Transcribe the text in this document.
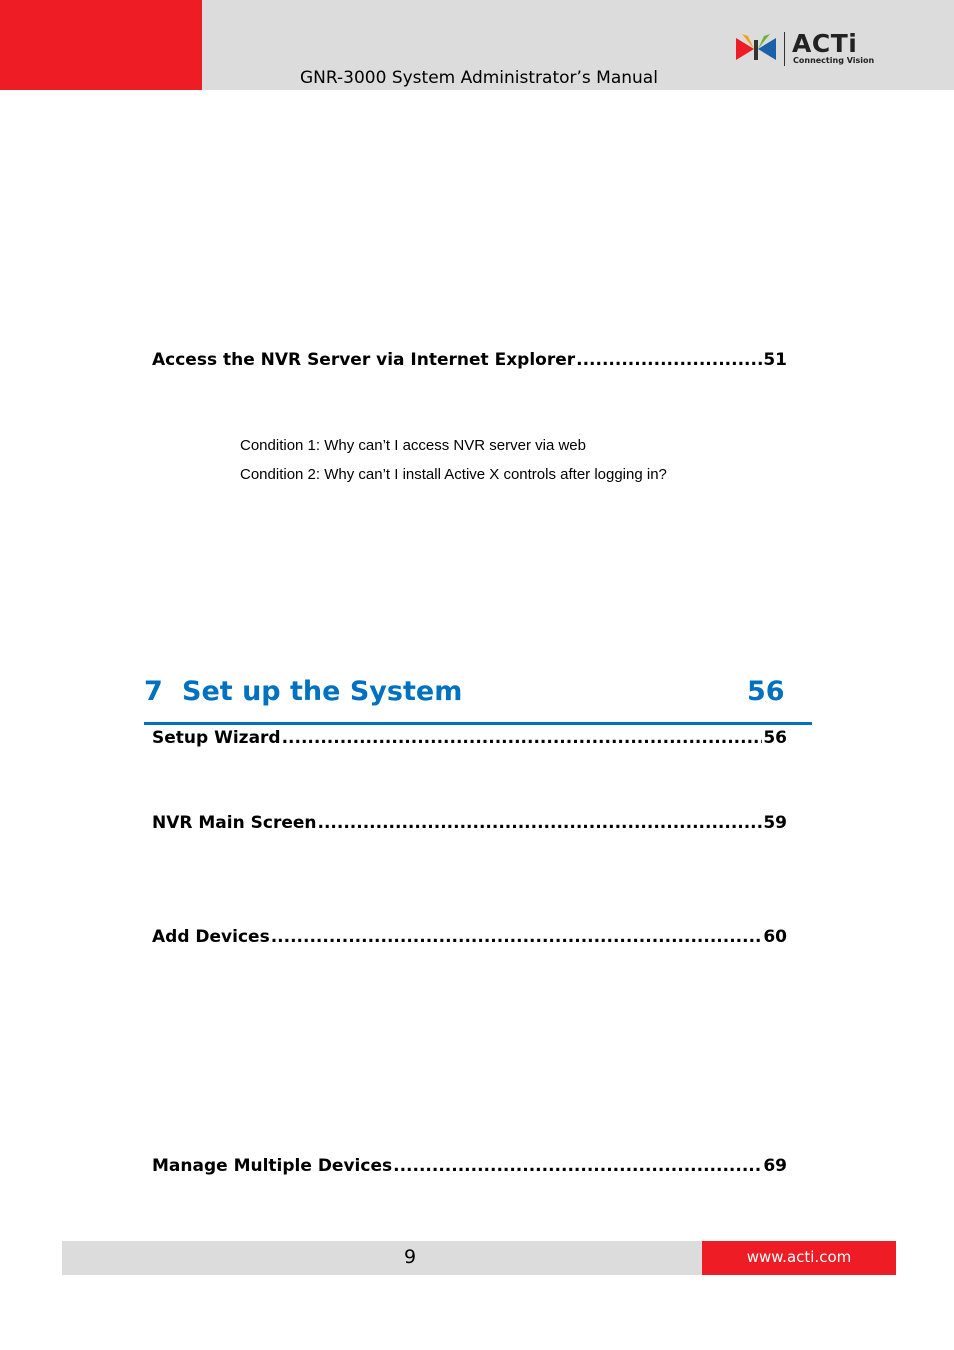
GNR-3000 System Administrator’s Manual
ACTi
Connecting Vision
Access the NVR Server via Internet Explorer .....	51
Condition 1: Why can’t I access NVR server via web
Condition 2: Why can’t I install Active X controls after logging in?
7 Set up the System	56
Setup Wizard .....	56
NVR Main Screen .....	59
Add Devices .....	60
Manage Multiple Devices .....	69
9	www.acti.com
